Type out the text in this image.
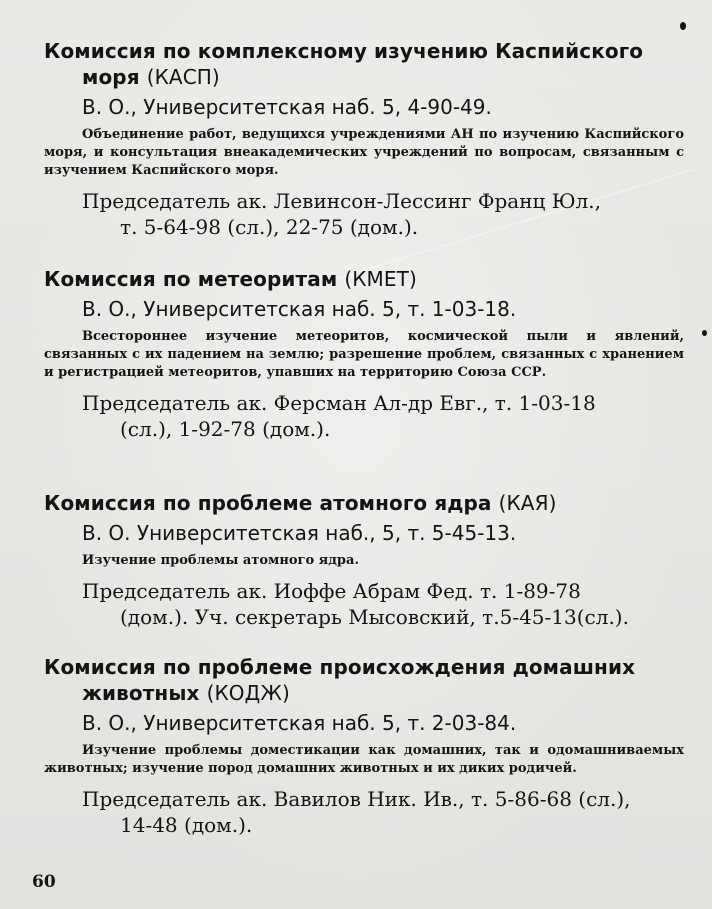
Комиссия по комплексному изучению Каспийского
моря (КАСП)

В. О., Университетская наб. 5, 4-90-49.

Объединение работ, ведущихся учреждениями АН по изучению Каспийского моря, и консультация внеакадемических учреждений по вопросам, связанным с изучением Каспийского моря.

Председатель ак. Левинсон-Лессинг Франц Юл.,
т. 5-64-98 (сл.), 22-75 (дом.).

Комиссия по метеоритам (КМЕТ)

В. О., Университетская наб. 5, т. 1-03-18.

Всестороннее изучение метеоритов, космической пыли и явлений, связанных с их падением на землю; разрешение проблем, связанных с хранением и регистрацией метеоритов, упавших на территорию Союза ССР.

Председатель ак. Ферсман Ал-др Евг., т. 1-03-18
(сл.), 1-92-78 (дом.).

Комиссия по проблеме атомного ядра (КАЯ)

В. О. Университетская наб., 5, т. 5-45-13.

Изучение проблемы атомного ядра.

Председатель ак. Иоффе Абрам Фед. т. 1-89-78
(дом.). Уч. секретарь Мысовский, т.5-45-13(сл.).

Комиссия по проблеме происхождения домашних
животных (КОДЖ)

В. О., Университетская наб. 5, т. 2-03-84.

Изучение проблемы доместикации как домашних, так и одомашниваемых животных; изучение пород домашних животных и их диких родичей.

Председатель ак. Вавилов Ник. Ив., т. 5-86-68 (сл.),
14-48 (дом.).

60
